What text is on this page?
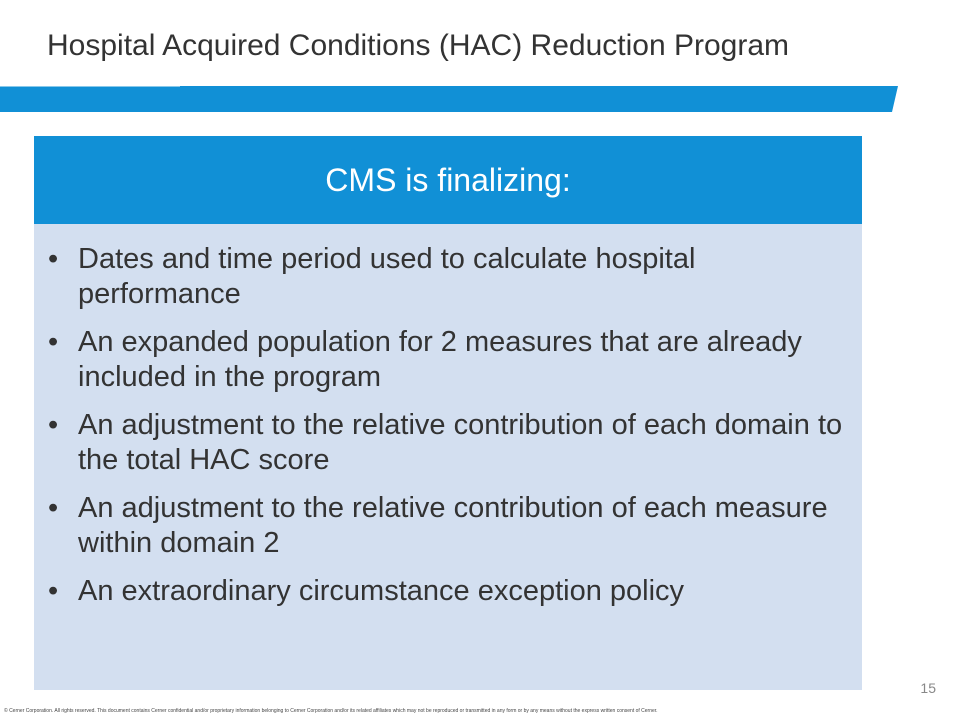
Hospital Acquired Conditions (HAC) Reduction Program
CMS is finalizing:
• Dates and time period used to calculate hospital performance
• An expanded population for 2 measures that are already included in the program
• An adjustment to the relative contribution of each domain to the total HAC score
• An adjustment to the relative contribution of each measure within domain 2
• An extraordinary circumstance exception policy
15
© Cerner Corporation. All rights reserved. This document contains Cerner confidential and/or proprietary information belonging to Cerner Corporation and/or its related affiliates which may not be reproduced or transmitted in any form or by any means without the express written consent of Cerner.
